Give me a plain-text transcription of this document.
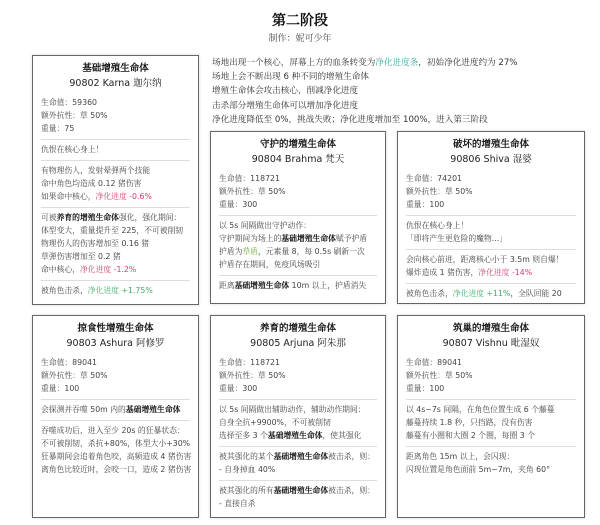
第二阶段
制作：妮可少年
场地出现一个核心，屏幕上方的血条转变为净化进度条，初始净化进度约为 27%
场地上会不断出现 6 种不同的增殖生命体
增殖生命体会攻击核心，削减净化进度
击杀部分增殖生命体可以增加净化进度
净化进度降低至 0%，挑战失败；净化进度增加至 100%，进入第三阶段
基础增殖生命体
90802 Karna 迦尔纳
生命值：59360
额外抗性：草 50%
重量：75
仇恨在核心身上！
有物理伤人，发射晕弹两个技能
命中角色均造成 0.12 猪伤害
如果命中核心，净化进度 -0.6%
可被养育的增殖生命体强化，强化期间：
体型变大，重量提升至 225，不可被削韧
物理伤人的伤害增加至 0.16 猪
草弹伤害增加至 0.2 猪
命中核心，净化进度 -1.2%
被角色击杀，净化进度 +1.75%
守护的增殖生命体
90804 Brahma 梵天
生命值：118721
额外抗性：草 50%
重量：300
以 5s 间隔做出守护动作：
守护期间为场上的基础增殖生命体赋予护盾
护盾为草盾，元素量 8，每 0.5s 刷新一次
护盾存在期间，免疫风场吸引
距离基础增殖生命体 10m 以上，护盾消失
破坏的增殖生命体
90806 Shiva 湿婆
生命值：74201
额外抗性：草 50%
重量：100
仇恨在核心身上！
「即将产生更危险的魔物...」
会向核心前进，距离核心小于 3.5m 则自爆！
爆炸造成 1 猪伤害，净化进度 -14%
被角色击杀，净化进度 +11%，全队回能 20
掠食性增殖生命体
90803 Ashura 阿修罗
生命值：89041
额外抗性：草 50%
重量：100
会探测并吞噬 50m 内的基础增殖生命体
吞噬成功后，进入至少 20s 的狂暴状态：
不可被削韧，杀抗+80%，体型大小+30%
狂暴期间会追着角色咬，高频造成 4 猪伤害
离角色比较近时，会咬一口，造成 2 猪伤害
养育的增殖生命体
90805 Arjuna 阿朱那
生命值：118721
额外抗性：草 50%
重量：300
以 5s 间隔做出辅助动作，辅助动作期间：
自身全抗+9900%，不可被削韧
选择至多 3 个基础增殖生命体，使其强化
被其强化的某个基础增殖生命体被击杀，则：
- 自身掉血 40%
被其强化的所有基础增殖生命体被击杀，则：
- 直接自杀
筑巢的增殖生命体
90807 Vishnu 毗湿奴
生命值：89041
额外抗性：草 50%
重量：100
以 4s~7s 间隔，在角色位置生成 6 个藤蔓
藤蔓持续 1.8 秒，只挡路，没有伤害
藤蔓有小圈和大圈 2 个圈，每圈 3 个
距离角色 15m 以上，会闪现：
闪现位置是角色面前 5m~7m，夹角 60°
